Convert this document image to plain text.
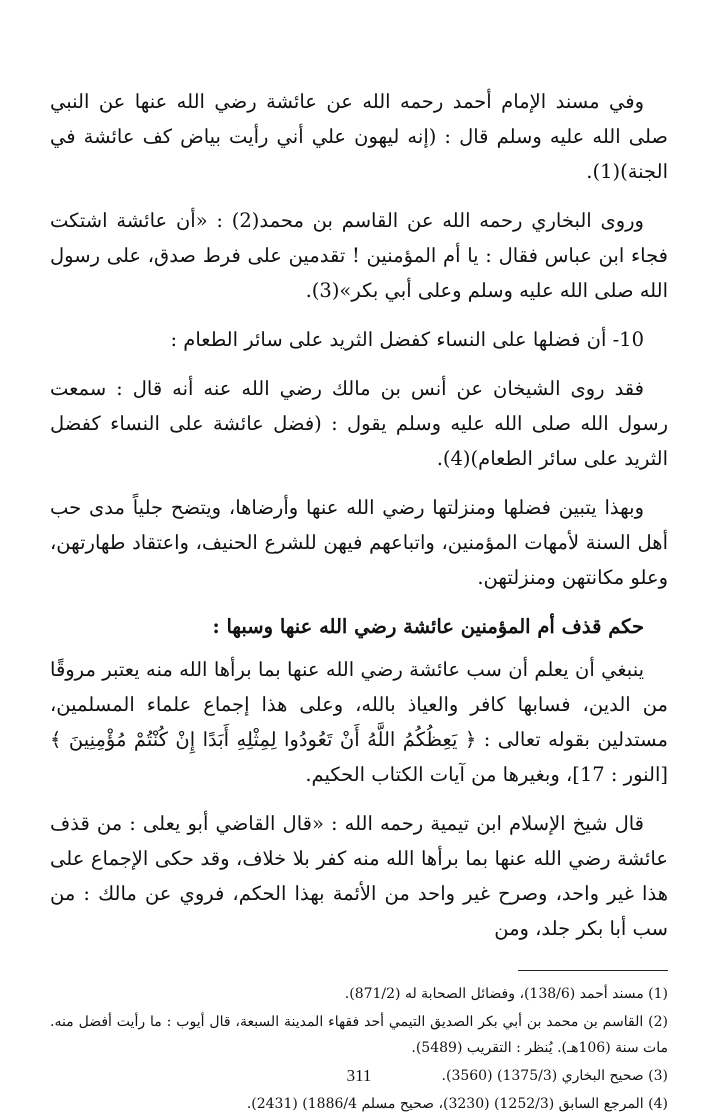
وفي مسند الإمام أحمد رحمه الله عن عائشة رضي الله عنها عن النبي صلى الله عليه وسلم قال : (إنه ليهون علي أني رأيت بياض كف عائشة في الجنة)(1).

وروى البخاري رحمه الله عن القاسم بن محمد(2) : «أن عائشة اشتكت فجاء ابن عباس فقال : يا أم المؤمنين ! تقدمين على فرط صدق، على رسول الله صلى الله عليه وسلم وعلى أبي بكر»(3).

10- أن فضلها على النساء كفضل الثريد على سائر الطعام :

فقد روى الشيخان عن أنس بن مالك رضي الله عنه أنه قال : سمعت رسول الله صلى الله عليه وسلم يقول : (فضل عائشة على النساء كفضل الثريد على سائر الطعام)(4).

وبهذا يتبين فضلها ومنزلتها رضي الله عنها وأرضاها، ويتضح جلياً مدى حب أهل السنة لأمهات المؤمنين، واتباعهم فيهن للشرع الحنيف، واعتقاد طهارتهن، وعلو مكانتهن ومنزلتهن.

حكم قذف أم المؤمنين عائشة رضي الله عنها وسبها :

ينبغي أن يعلم أن سب عائشة رضي الله عنها بما برأها الله منه يعتبر مروقًا من الدين، فسابها كافر والعياذ بالله، وعلى هذا إجماع علماء المسلمين، مستدلين بقوله تعالى : ﴿ يَعِظُكُمُ اللَّهُ أَنْ تَعُودُوا لِمِثْلِهِ أَبَدًا إِنْ كُنْتُمْ مُؤْمِنِينَ ﴾ [النور : 17]، وبغيرها من آيات الكتاب الحكيم.

قال شيخ الإسلام ابن تيمية رحمه الله : «قال القاضي أبو يعلى : من قذف عائشة رضي الله عنها بما برأها الله منه كفر بلا خلاف، وقد حكى الإجماع على هذا غير واحد، وصرح غير واحد من الأئمة بهذا الحكم، فروي عن مالك : من سب أبا بكر جلد، ومن

(1) مسند أحمد (138/6)، وفضائل الصحابة له (871/2).

(2) القاسم بن محمد بن أبي بكر الصديق التيمي أحد فقهاء المدينة السبعة، قال أيوب : ما رأيت أفضل منه. مات سنة (106هـ). يُنظر : التقريب (5489).

(3) صحيح البخاري (1375/3) (3560).

(4) المرجع السابق (1252/3) (3230)، صحيح مسلم 1886/4) (2431).

311
